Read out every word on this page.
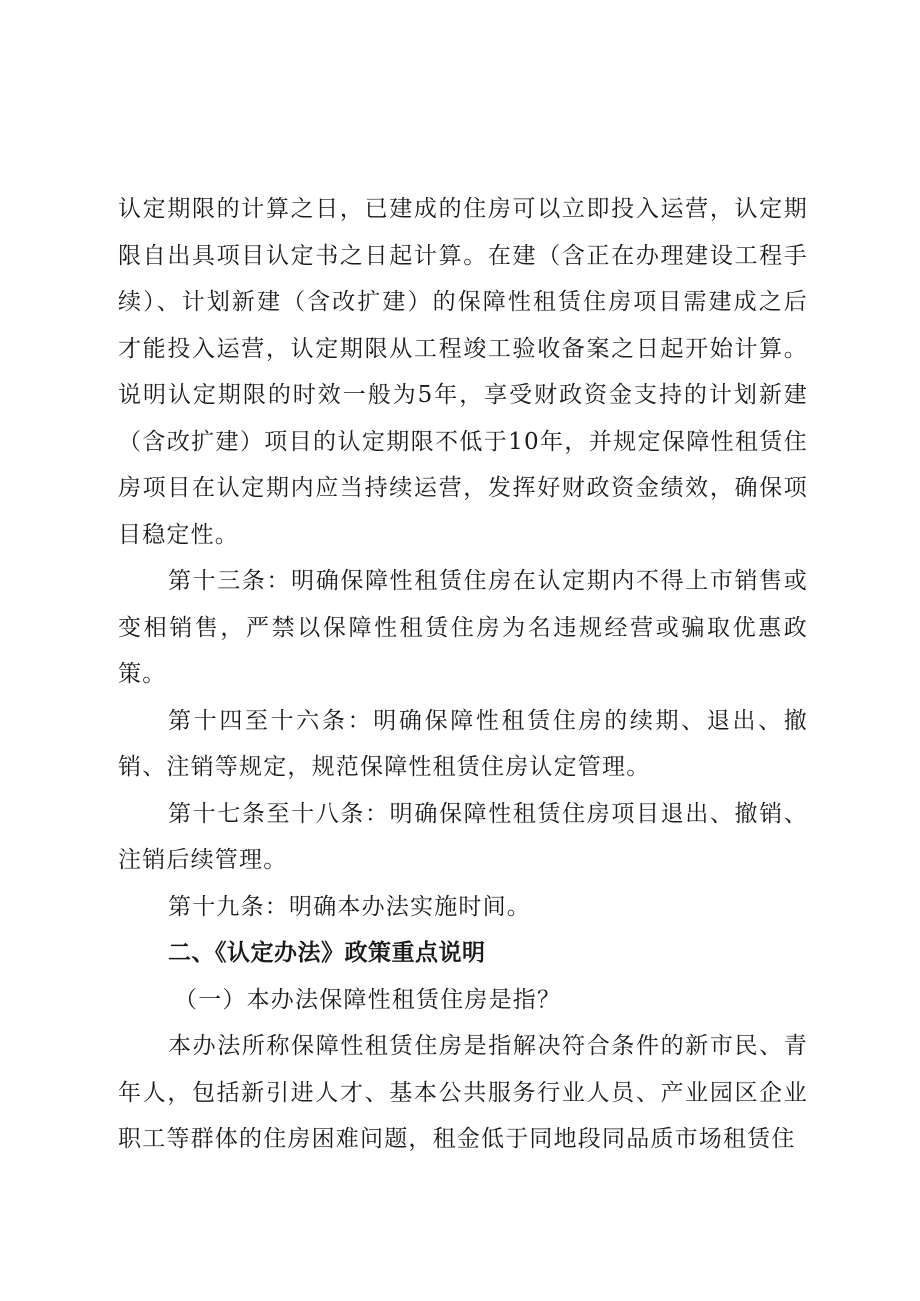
认定期限的计算之日，已建成的住房可以立即投入运营，认定期限自出具项目认定书之日起计算。在建（含正在办理建设工程手续）、计划新建（含改扩建）的保障性租赁住房项目需建成之后才能投入运营，认定期限从工程竣工验收备案之日起开始计算。说明认定期限的时效一般为5年，享受财政资金支持的计划新建（含改扩建）项目的认定期限不低于10年，并规定保障性租赁住房项目在认定期内应当持续运营，发挥好财政资金绩效，确保项目稳定性。

第十三条：明确保障性租赁住房在认定期内不得上市销售或变相销售，严禁以保障性租赁住房为名违规经营或骗取优惠政策。

第十四至十六条：明确保障性租赁住房的续期、退出、撤销、注销等规定，规范保障性租赁住房认定管理。

第十七条至十八条：明确保障性租赁住房项目退出、撤销、注销后续管理。

第十九条：明确本办法实施时间。

二、《认定办法》政策重点说明

（一）本办法保障性租赁住房是指？

本办法所称保障性租赁住房是指解决符合条件的新市民、青年人，包括新引进人才、基本公共服务行业人员、产业园区企业职工等群体的住房困难问题，租金低于同地段同品质市场租赁住
